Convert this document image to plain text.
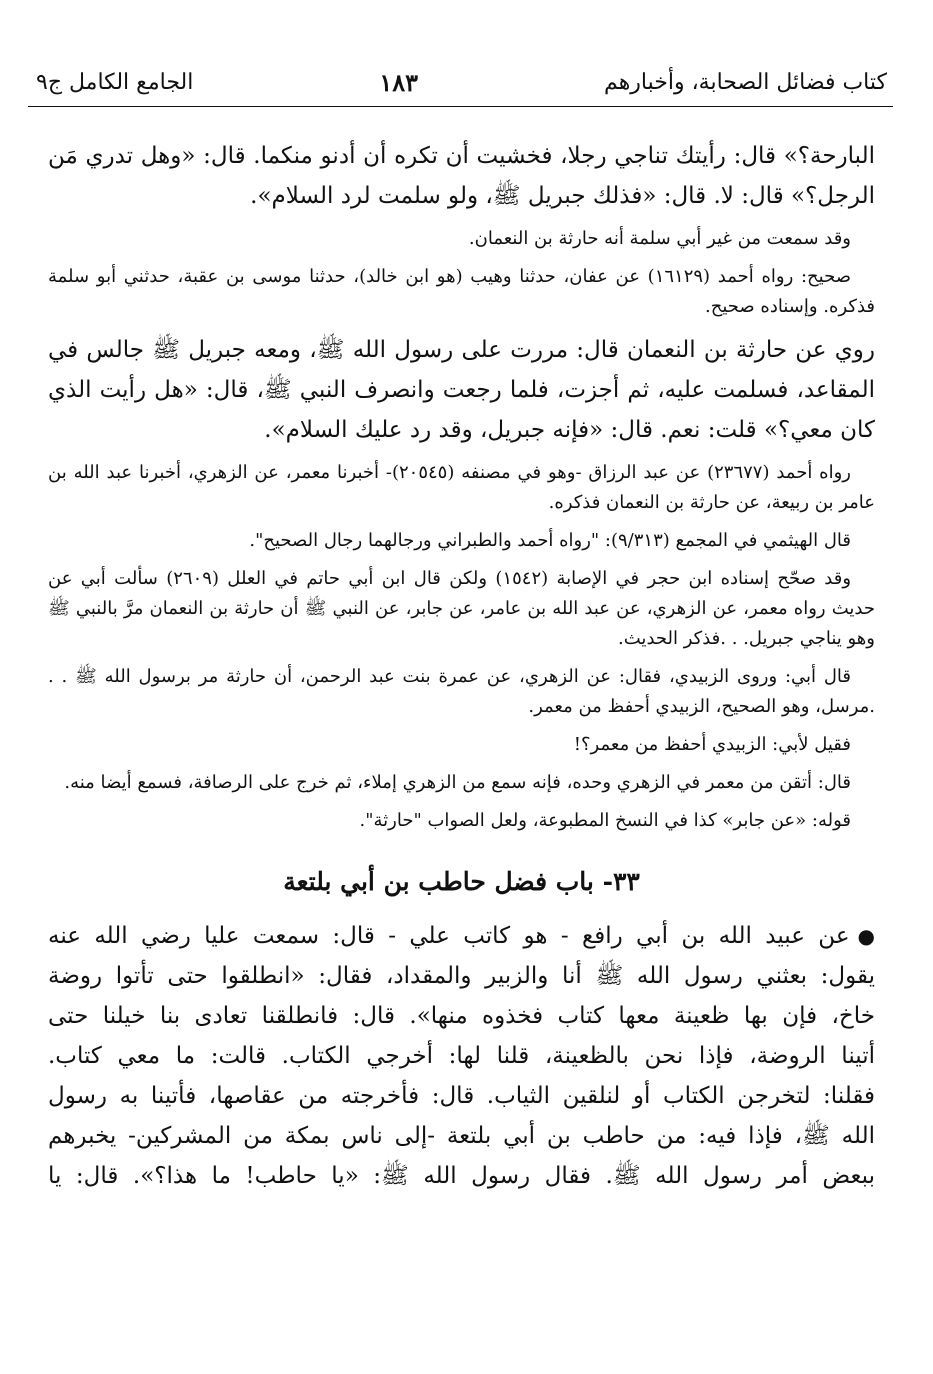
كتاب فضائل الصحابة، وأخبارهم
١٨٣
الجامع الكامل ج٩

البارحة؟» قال: رأيتك تناجي رجلا، فخشيت أن تكره أن أدنو منكما. قال: «وهل تدري مَن الرجل؟» قال: لا. قال: «فذلك جبريل ﷺ، ولو سلمت لرد السلام».

وقد سمعت من غير أبي سلمة أنه حارثة بن النعمان.

صحيح: رواه أحمد (١٦١٢٩) عن عفان، حدثنا وهيب (هو ابن خالد)، حدثنا موسى بن عقبة، حدثني أبو سلمة فذكره. وإسناده صحيح.

روي عن حارثة بن النعمان قال: مررت على رسول الله ﷺ، ومعه جبريل ﷺ جالس في المقاعد، فسلمت عليه، ثم أجزت، فلما رجعت وانصرف النبي ﷺ، قال: «هل رأيت الذي كان معي؟» قلت: نعم. قال: «فإنه جبريل، وقد رد عليك السلام».

رواه أحمد (٢٣٦٧٧) عن عبد الرزاق -وهو في مصنفه (٢٠٥٤٥)- أخبرنا معمر، عن الزهري، أخبرنا عبد الله بن عامر بن ربيعة، عن حارثة بن النعمان فذكره.

قال الهيثمي في المجمع (٩/٣١٣): "رواه أحمد والطبراني ورجالهما رجال الصحيح".

وقد صحّح إسناده ابن حجر في الإصابة (١٥٤٢) ولكن قال ابن أبي حاتم في العلل (٢٦٠٩) سألت أبي عن حديث رواه معمر، عن الزهري، عن عبد الله بن عامر، عن جابر، عن النبي ﷺ أن حارثة بن النعمان مرَّ بالنبي ﷺ وهو يناجي جبريل. . .فذكر الحديث.

قال أبي: وروى الزبيدي، فقال: عن الزهري، عن عمرة بنت عبد الرحمن، أن حارثة مر برسول الله ﷺ . . .مرسل، وهو الصحيح، الزبيدي أحفظ من معمر.

فقيل لأبي: الزبيدي أحفظ من معمر؟!

قال: أتقن من معمر في الزهري وحده، فإنه سمع من الزهري إملاء، ثم خرج على الرصافة، فسمع أيضا منه.

قوله: «عن جابر» كذا في النسخ المطبوعة، ولعل الصواب "حارثة".

٣٣- باب فضل حاطب بن أبي بلتعة
●عن عبيد الله بن أبي رافع - هو كاتب علي - قال: سمعت عليا رضي الله عنه
يقول: بعثني رسول الله ﷺ أنا والزبير والمقداد، فقال: «انطلقوا حتى تأتوا روضة
خاخ، فإن بها ظعينة معها كتاب فخذوه منها». قال: فانطلقنا تعادى بنا خيلنا حتى
أتينا الروضة، فإذا نحن بالظعينة، قلنا لها: أخرجي الكتاب. قالت: ما معي كتاب.
فقلنا: لتخرجن الكتاب أو لنلقين الثياب. قال: فأخرجته من عقاصها، فأتينا به رسول
الله ﷺ، فإذا فيه: من حاطب بن أبي بلتعة -إلى ناس بمكة من المشركين- يخبرهم
ببعض أمر رسول الله ﷺ. فقال رسول الله ﷺ: «يا حاطب! ما هذا؟». قال: يا
